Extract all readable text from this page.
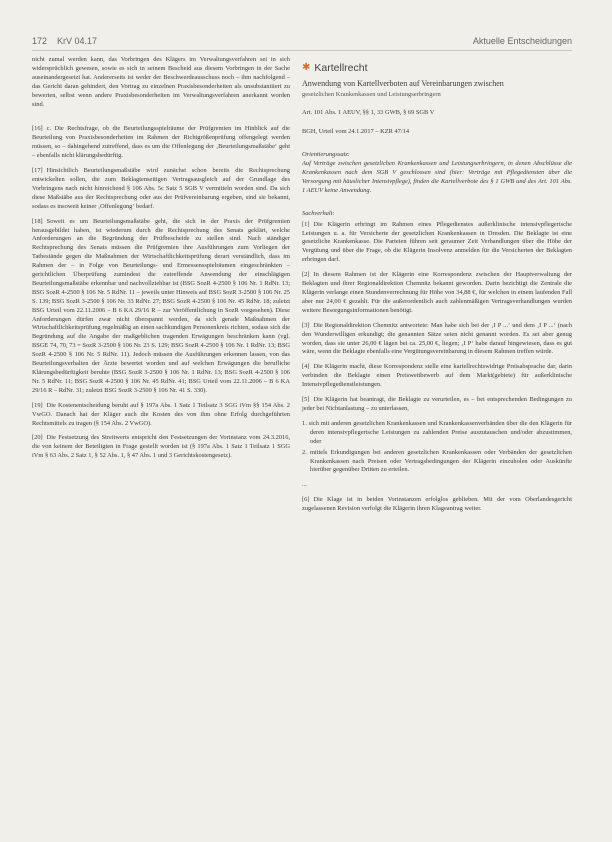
172 KrV 04.17	Aktuelle Entscheidungen

nicht zumal werden kann, das Vorbringen des Klägers im Verwaltungsverfahren sei in sich widersprüchlich gewesen, sowie es sich in seinem Bescheid aus diesem Vorbringen in der Sache auseinandergesetzt hat. Andererseits ist weder der Beschwerdeausschuss noch – ihm nachfolgend – das Gericht daran gehindert, den Vortrag zu einzelnen Praxisbesonderheiten als unsubstantiiert zu bewerten, selbst wenn andere Praxisbesonderheiten im Verwaltungsverfahren anerkannt worden sind.

[16] c. Die Rechtsfrage, ob die Beurteilungsspielräume der Prüfgremien im Hinblick auf die Beurteilung von Praxisbesonderheiten im Rahmen der Richtgrößenprüfung offengelegt werden müssen, so – dahingehend zutreffend, dass es um die Offenlegung der ‚Beurteilungsmaßstäbe‘ geht – ebenfalls nicht klärungsbedürftig.

[17] Hinsichtlich Beurteilungsmaßstäbe wird zunächst schon bereits die Rechtsprechung entwickelten sollen, die zum Beklagtenseitigen Vertragsausgleich auf der Grundlage des Vorbringens nach nicht hinreichend § 106 Abs. 5c Satz 5 SGB V vermitteln worden sind. Da sich diese Maßstäbe aus der Rechtsprechung oder aus der Prüfvereinbarung ergeben, sind sie bekannt, sodass es insoweit keiner ‚Offenlegung‘ bedarf.

[18] Soweit es um Beurteilungsmaßstäbe geht, die sich in der Praxis der Prüfgremien herausgebildet haben, ist wiederum durch die Rechtsprechung des Senats geklärt, welche Anforderungen an die Begründung der Prüfbescheide zu stellen sind. Nach ständiger Rechtsprechung des Senats müssen die Prüfgremien ihre Ausführungen zum Vorliegen der Tatbestände gegen die Maßnahmen der Wirtschaftlichkeitsprüfung derart verständlich, dass im Rahmen der – in Folge von Beurteilungs- und Ermessensspielräumen eingeschränkten – gerichtlichen Überprüfung zumindest die zutreffende Anwendung der einschlägigen Beurteilungsmaßstäbe erkennbar und nachvollziehbar ist (BSG SozR 4-2500 § 106 Nr. 1 RdNr. 13; BSG SozR 4-2500 § 106 Nr. 5 RdNr. 11 – jeweils unter Hinweis auf BSG SozR 3-2500 § 106 Nr. 25 S. 139; BSG SozR 3-2500 § 106 Nr. 33 RdNr. 27; BSG SozR 4-2500 § 106 Nr. 45 RdNr. 18; zuletzt BSG Urteil vom 22.11.2006 – B 6 KA 29/16 R – zur Veröffentlichung in SozR vorgesehen). Diese Anforderungen dürfen zwar nicht überspannt werden, da sich gerade Maßnahmen der Wirtschaftlichkeitsprüfung regelmäßig an einen sachkundigen Personenkreis richten, sodass sich die Begründung auf die Angabe der maßgeblichen tragenden Erwägungen beschränken kann (vgl. BSGE 74, 70, 73 = SozR 3-2500 § 106 Nr. 23 S. 129; BSG SozR 4-2500 § 106 Nr. 1 RdNr. 13; BSG SozR 4-2500 § 106 Nr. 5 RdNr. 11). Jedoch müssen die Ausführungen erkennen lassen, von das Beurteilungsverhalten der Ärzte bewertet worden und auf welchen Erwägungen die berufliche Klärungsbedürftigkeit beruhte (BSG SozR 3-2500 § 106 Nr. 1 RdNr. 13; BSG SozR 4-2500 § 106 Nr. 5 RdNr. 11; BSG SozR 4-2500 § 106 Nr. 45 RdNr. 41; BSG Urteil vom 22.11.2006 – B 6 KA 29/16 R – RdNr. 31; zuletzt BSG SozR 3-2500 § 106 Nr. 41 S. 330).

[19] Die Kostenentscheidung beruht auf § 197a Abs. 1 Satz 1 Teilsatz 3 SGG iVm §§ 154 Abs. 2 VwGO. Danach hat der Kläger auch die Kosten des von ihm ohne Erfolg durchgeführten Rechtsmittels zu tragen (§ 154 Abs. 2 VwGO).

[20] Die Festsetzung des Streitwerts entspricht den Festsetzungen der Vorinstanz vom 24.3.2016, die von keinem der Beteiligten in Frage gestellt worden ist (§ 197a Abs. 1 Satz 1 Teilsatz 1 SGG iVm § 63 Abs. 2 Satz 1, § 52 Abs. 1, § 47 Abs. 1 und 3 Gerichtskostengesetz).

✱ Kartellrecht

Anwendung von Kartellverboten auf Vereinbarungen zwischen

gesetzlichen Krankenkassen und Leistungserbringern

Art. 101 Abs. 1 AEUV, §§ 1, 33 GWB, § 69 SGB V

BGH, Urteil vom 24.1.2017 – KZR 47/14

Orientierungssatz:

Auf Verträge zwischen gesetzlichen Krankenkassen und Leistungserbringern, in denen Abschlüsse die Krankenkassen nach dem SGB V geschlossen sind (hier: Verträge mit Pflegediensten über die Versorgung mit häuslicher Intensivpflege), finden die Kartellverbote des § 1 GWB und des Art. 101 Abs. 1 AEUV keine Anwendung.

Sachverhalt:

[1] Die Klägerin erbringt im Rahmen eines Pflegedienstes außerklinische intensivpflegerische Leistungen u. a. für Versicherte der gesetzlichen Krankenkassen in Dresden. Die Beklagte ist eine gesetzliche Krankenkasse. Die Parteien führen seit geraumer Zeit Verhandlungen über die Höhe der Vergütung und über die Frage, ob die Klägerin Insolvenz anmelden für die Versicherten der Beklagten erbringen darf.

[2] In diesem Rahmen ist der Klägerin eine Korrespondenz zwischen der Hauptverwaltung der Beklagten und ihrer Regionaldirektion Chemnitz bekannt geworden. Darin bezichtigt die Zentrale die Klägerin verlange einen Stundenverrechnung für Höhe von 34,88 €, für welchen in einem laufenden Fall aber nur 24,00 € gezahlt. Für die außerordentlich auch zahlenmäßigen Vertragsverhandlungen wurden weitere Besorgungsinformationen benötigt.

[3] Die Regionaldirektion Chemnitz antwortete: Man habe sich bei der ‚I P ...‘ und dem ‚I P ...‘ (nach den Wunderwilligen erkundigt; die genannten Sätze seien nicht genannt worden. Es sei aber genug worden, dass sie unter 26,00 € lägen bei ca. 25,00 €, liegen; ‚I P‘ habe darauf hingewiesen, dass es gut wäre, wenn die Beklagte ebenfalls eine Vergütungsvereinbarung in diesem Rahmen treffen würde.

[4] Die Klägerin macht, diese Korrespondenz stelle eine kartellrechtswidrige Preisabsprache dar, darin verbinden die Beklagte einen Preiswettbewerb auf dem Markt(gebiete) für außerklinische Intensivpflegedienstleistungen.

[5] Die Klägerin hat beantragt, die Beklagte zu verurteilen, es – bei entsprechenden Bedingungen zu jeder bei Nichtanlastung – zu unterlassen,

1. sich mit anderen gesetzlichen Krankenkassen und Krankenkassenverbänden über die den Klägerin für deren intensivpflegerische Leistungen zu zahlenden Preise auszutauschen und/oder abzustimmen, oder
2. mittels Erkundigungen bei anderen gesetzlichen Krankenkassen oder Verbänden der gesetzlichen Krankenkassen nach Preisen oder Vertragsbedingungen der Klägerin einzuholen oder Auskünfte hierüber gegenüber Dritten zu erteilen.

...

[6] Die Klage ist in beiden Vorinstanzen erfolglos geblieben. Mit der vom Oberlandesgericht zugelassenen Revision verfolgt die Klägerin ihren Klageantrag weiter.
